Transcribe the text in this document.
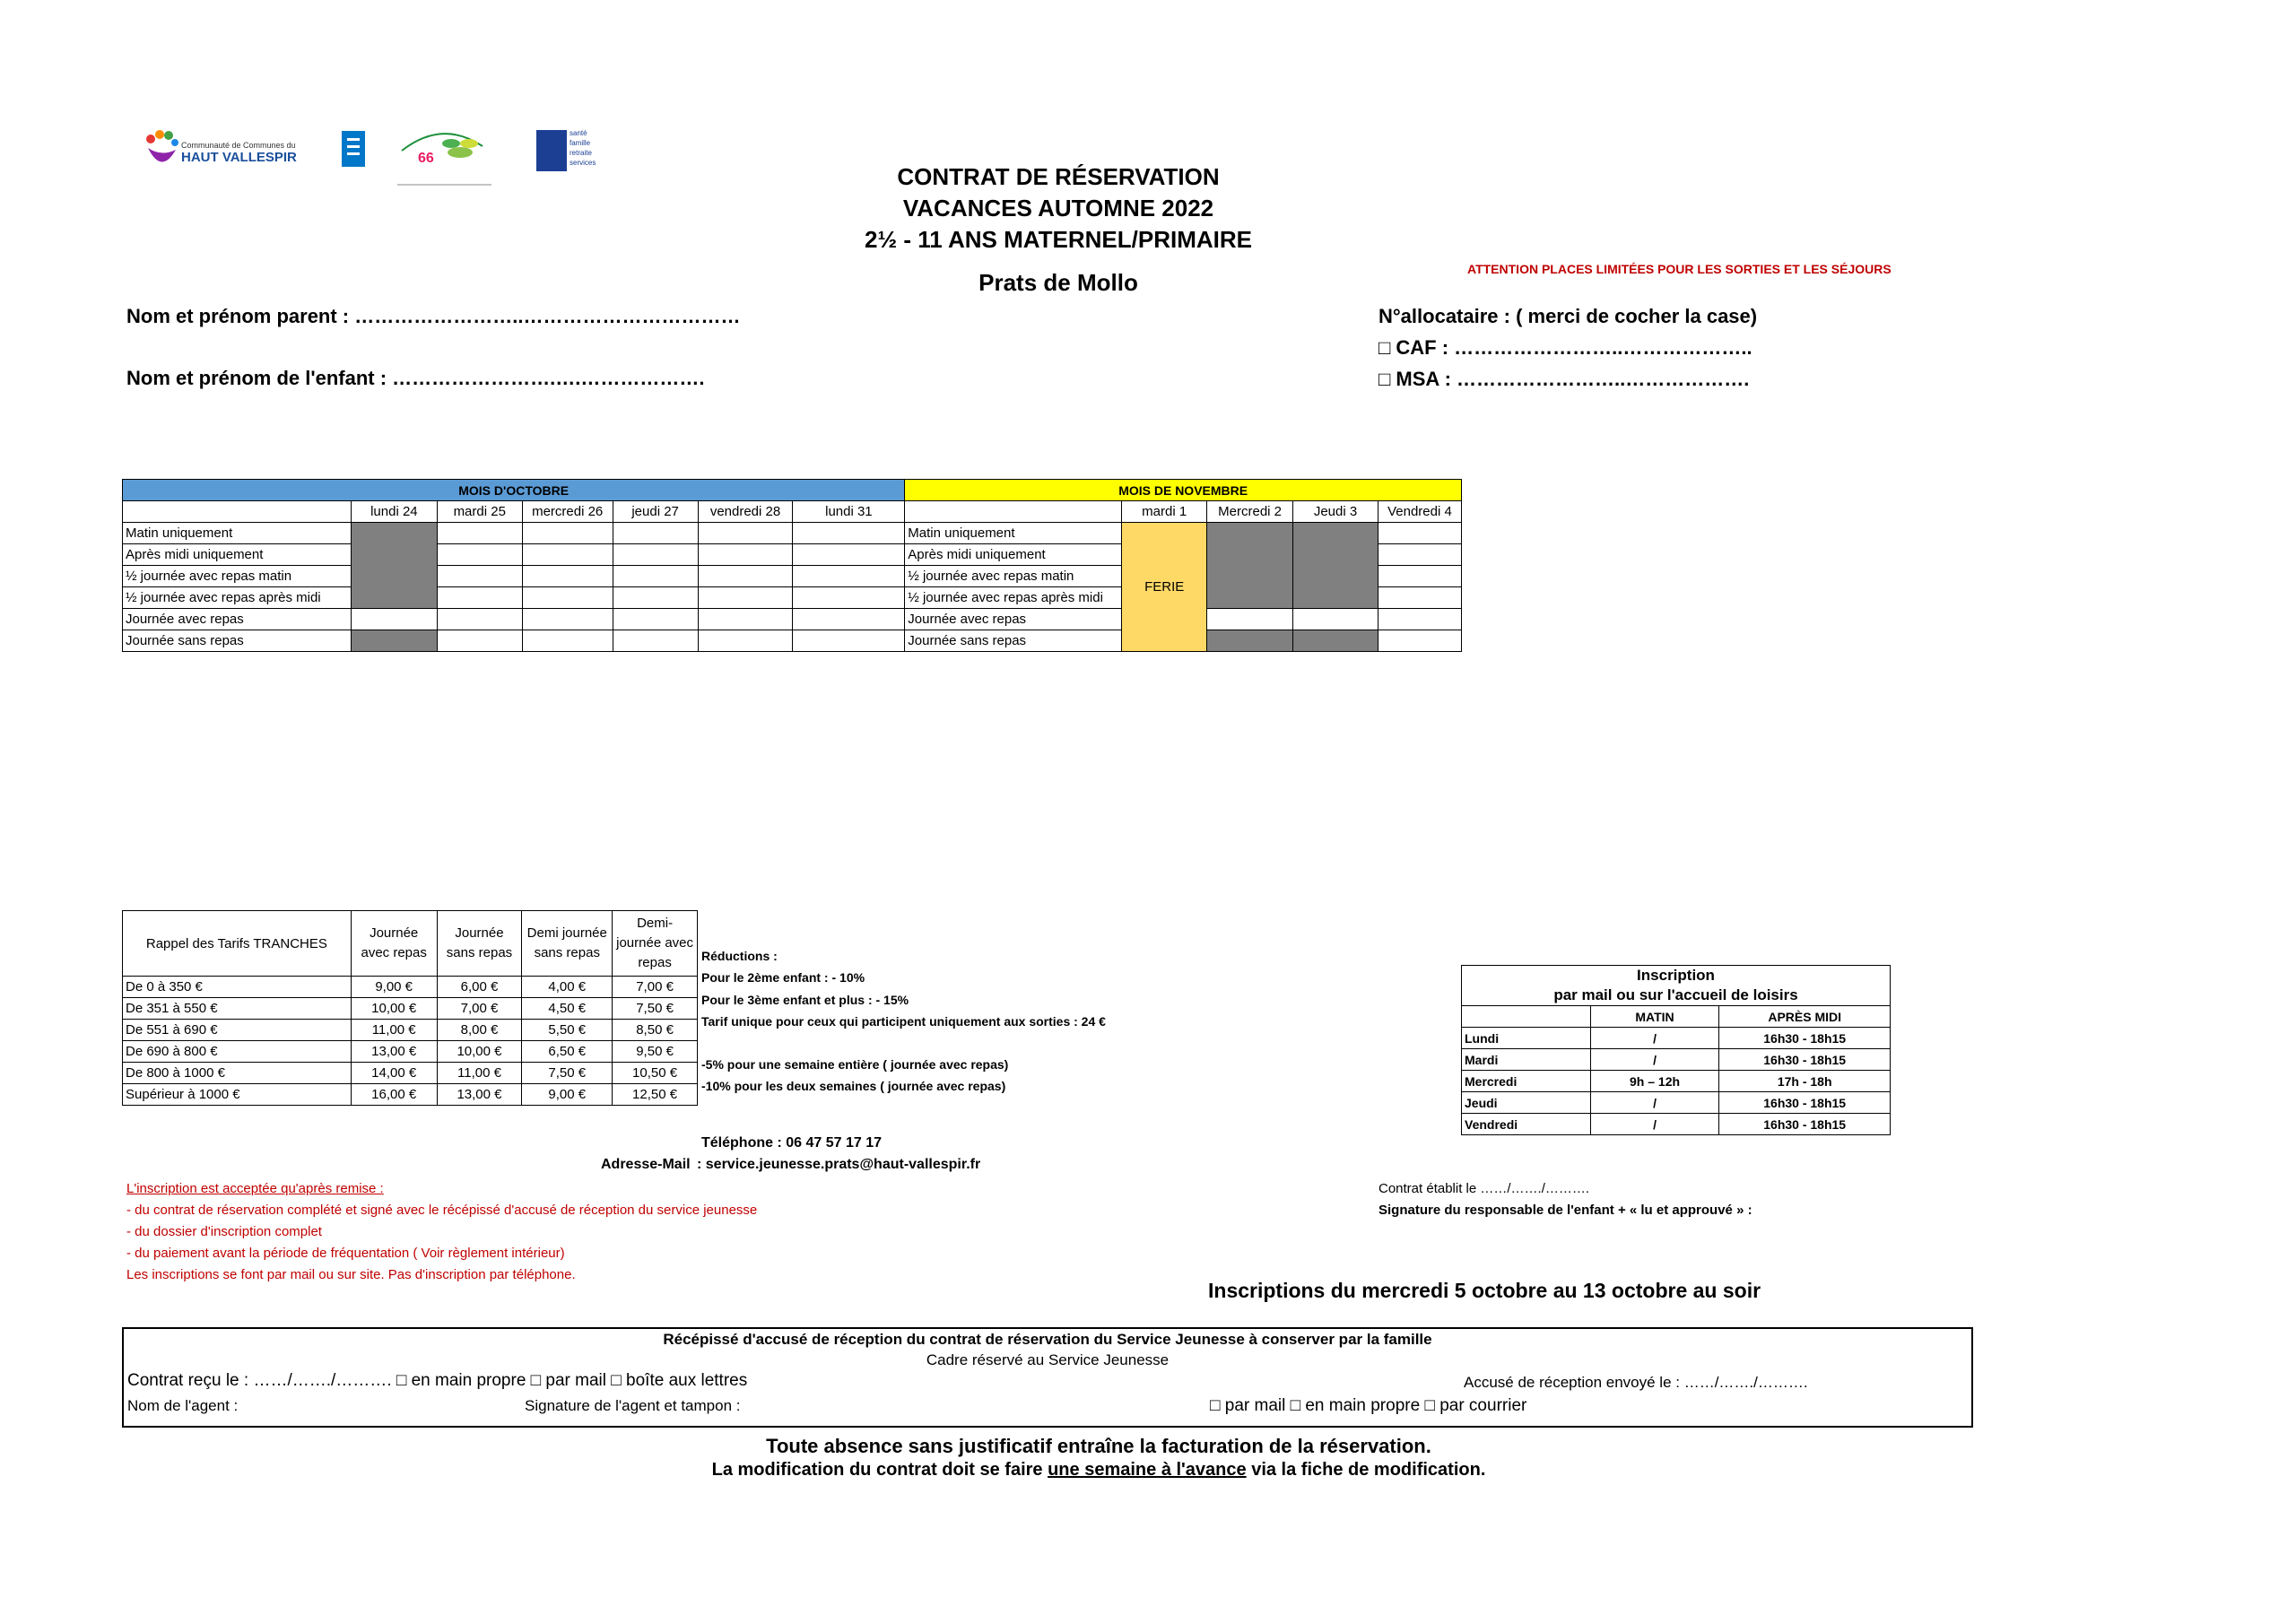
Communauté de Communes du
HAUT VALLESPIR	66
santé
famille
retraite
services
CONTRAT DE RÉSERVATION
VACANCES AUTOMNE 2022
2½ - 11 ANS MATERNEL/PRIMAIRE
Prats de Mollo	ATTENTION PLACES LIMITÉES POUR LES SORTIES ET LES SÉJOURS
Nom et prénom parent : ……………………..……………………………
Nom et prénom de l'enfant : …………………….….……………….
N°allocataire : ( merci de cocher la case)
□ CAF : ……………………..………………..
□ MSA : ……………………..……………….
MOIS D'OCTOBRE							MOIS DE NOVEMBRE				
	lundi 24	mardi 25	mercredi 26	jeudi 27	vendredi 28	lundi 31		mardi 1	Mercredi 2	Jeudi 3	Vendredi 4
Matin uniquement							Matin uniquement	FERIE			
Après midi uniquement							Après midi uniquement				
½ journée avec repas matin							½ journée avec repas matin				
½ journée avec repas après midi							½ journée avec repas après midi				
Journée avec repas							Journée avec repas				
Journée sans repas							Journée sans repas				
Rappel des Tarifs TRANCHES	Journée avec repas	Journée sans repas	Demi journée sans repas	Demi-journée avec repas
De 0 à 350 €	9,00 €	6,00 €	4,00 €	7,00 €
De 351 à 550 €	10,00 €	7,00 €	4,50 €	7,50 €
De 551 à 690 €	11,00 €	8,00 €	5,50 €	8,50 €
De 690 à 800 €	13,00 €	10,00 €	6,50 €	9,50 €
De 800 à 1000 €	14,00 €	11,00 €	7,50 €	10,50 €
Supérieur à 1000 €	16,00 €	13,00 €	9,00 €	12,50 €
Réductions :
Pour le 2ème enfant : - 10%
Pour le 3ème enfant et plus : - 15%
Tarif unique pour ceux qui participent uniquement aux sorties : 24 €
-5% pour une semaine entière ( journée avec repas)
-10% pour les deux semaines ( journée avec repas)
Inscription		
par mail ou sur l'accueil de loisirs		
	MATIN	APRÈS MIDI
Lundi	/	16h30 - 18h15
Mardi	/	16h30 - 18h15
Mercredi	9h – 12h	17h - 18h
Jeudi	/	16h30 - 18h15
Vendredi	/	16h30 - 18h15
Téléphone : 06 47 57 17 17
Adresse-Mail : service.jeunesse.prats@haut-vallespir.fr
L'inscription est acceptée qu'après remise :
- du contrat de réservation complété et signé avec le récépissé d'accusé de réception du service jeunesse
- du dossier d'inscription complet
- du paiement avant la période de fréquentation ( Voir règlement intérieur)
Les inscriptions se font par mail ou sur site. Pas d'inscription par téléphone.
Contrat établit le ……/……./……….
Signature du responsable de l'enfant + « lu et approuvé » :
Inscriptions du mercredi 5 octobre au 13 octobre au soir
Récépissé d'accusé de réception du contrat de réservation du Service Jeunesse à conserver par la famille
Cadre réservé au Service Jeunesse
Contrat reçu le : ……/……./………. □ en main propre □ par mail □ boîte aux lettres	Accusé de réception envoyé le : ……/……./……….
Nom de l'agent :	Signature de l'agent et tampon :	□ par mail □ en main propre □ par courrier
Toute absence sans justificatif entraîne la facturation de la réservation.
La modification du contrat doit se faire une semaine à l'avance via la fiche de modification.
